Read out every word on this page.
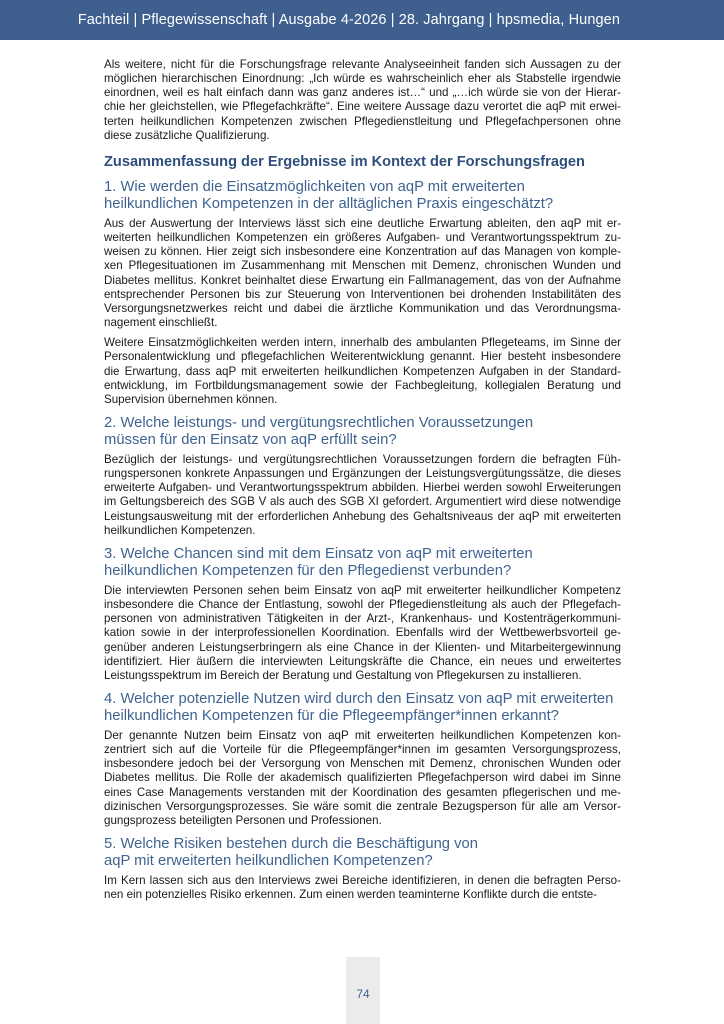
Fachteil | Pflegewissenschaft | Ausgabe 4-2026 | 28. Jahrgang | hpsmedia, Hungen

Als weitere, nicht für die Forschungsfrage relevante Analyseeinheit fanden sich Aussagen zu der möglichen hierarchischen Einordnung: „Ich würde es wahrscheinlich eher als Stabstelle irgendwie einordnen, weil es halt einfach dann was ganz anderes ist…“ und „…ich würde sie von der Hierarchie her gleichstellen, wie Pflegefachkräfte“. Eine weitere Aussage dazu verortet die aqP mit erweiterten heilkundlichen Kompetenzen zwischen Pflegedienstleitung und Pflegefachpersonen ohne diese zusätzliche Qualifizierung.

Zusammenfassung der Ergebnisse im Kontext der Forschungsfragen
1. Wie werden die Einsatzmöglichkeiten von aqP mit erweiterten
heilkundlichen Kompetenzen in der alltäglichen Praxis eingeschätzt?

Aus der Auswertung der Interviews lässt sich eine deutliche Erwartung ableiten, den aqP mit erweiterten heilkundlichen Kompetenzen ein größeres Aufgaben- und Verantwortungsspektrum zuweisen zu können. Hier zeigt sich insbesondere eine Konzentration auf das Managen von komplexen Pflegesituationen im Zusammenhang mit Menschen mit Demenz, chronischen Wunden und Diabetes mellitus. Konkret beinhaltet diese Erwartung ein Fallmanagement, das von der Aufnahme entsprechender Personen bis zur Steuerung von Interventionen bei drohenden Instabilitäten des Versorgungsnetzwerkes reicht und dabei die ärztliche Kommunikation und das Verordnungsmanagement einschließt.

Weitere Einsatzmöglichkeiten werden intern, innerhalb des ambulanten Pflegeteams, im Sinne der Personalentwicklung und pflegefachlichen Weiterentwicklung genannt. Hier besteht insbesondere die Erwartung, dass aqP mit erweiterten heilkundlichen Kompetenzen Aufgaben in der Standardentwicklung, im Fortbildungsmanagement sowie der Fachbegleitung, kollegialen Beratung und Supervision übernehmen können.

2. Welche leistungs- und vergütungsrechtlichen Voraussetzungen
müssen für den Einsatz von aqP erfüllt sein?

Bezüglich der leistungs- und vergütungsrechtlichen Voraussetzungen fordern die befragten Führungspersonen konkrete Anpassungen und Ergänzungen der Leistungsvergütungssätze, die dieses erweiterte Aufgaben- und Verantwortungsspektrum abbilden. Hierbei werden sowohl Erweiterungen im Geltungsbereich des SGB V als auch des SGB XI gefordert. Argumentiert wird diese notwendige Leistungsausweitung mit der erforderlichen Anhebung des Gehaltsniveaus der aqP mit erweiterten heilkundlichen Kompetenzen.

3. Welche Chancen sind mit dem Einsatz von aqP mit erweiterten
heilkundlichen Kompetenzen für den Pflegedienst verbunden?

Die interviewten Personen sehen beim Einsatz von aqP mit erweiterter heilkundlicher Kompetenz insbesondere die Chance der Entlastung, sowohl der Pflegedienstleitung als auch der Pflegefachpersonen von administrativen Tätigkeiten in der Arzt-, Krankenhaus- und Kostenträgerkommunikation sowie in der interprofessionellen Koordination. Ebenfalls wird der Wettbewerbsvorteil gegenüber anderen Leistungserbringern als eine Chance in der Klienten- und Mitarbeitergewinnung identifiziert. Hier äußern die interviewten Leitungskräfte die Chance, ein neues und erweitertes Leistungsspektrum im Bereich der Beratung und Gestaltung von Pflegekursen zu installieren.

4. Welcher potenzielle Nutzen wird durch den Einsatz von aqP mit erweiterten
heilkundlichen Kompetenzen für die Pflegeempfänger*innen erkannt?

Der genannte Nutzen beim Einsatz von aqP mit erweiterten heilkundlichen Kompetenzen konzentriert sich auf die Vorteile für die Pflegeempfänger*innen im gesamten Versorgungsprozess, insbesondere jedoch bei der Versorgung von Menschen mit Demenz, chronischen Wunden oder Diabetes mellitus. Die Rolle der akademisch qualifizierten Pflegefachperson wird dabei im Sinne eines Case Managements verstanden mit der Koordination des gesamten pflegerischen und medizinischen Versorgungsprozesses. Sie wäre somit die zentrale Bezugsperson für alle am Versorgungsprozess beteiligten Personen und Professionen.

5. Welche Risiken bestehen durch die Beschäftigung von
aqP mit erweiterten heilkundlichen Kompetenzen?

Im Kern lassen sich aus den Interviews zwei Bereiche identifizieren, in denen die befragten Personen ein potenzielles Risiko erkennen. Zum einen werden teaminterne Konflikte durch die entste-

74
